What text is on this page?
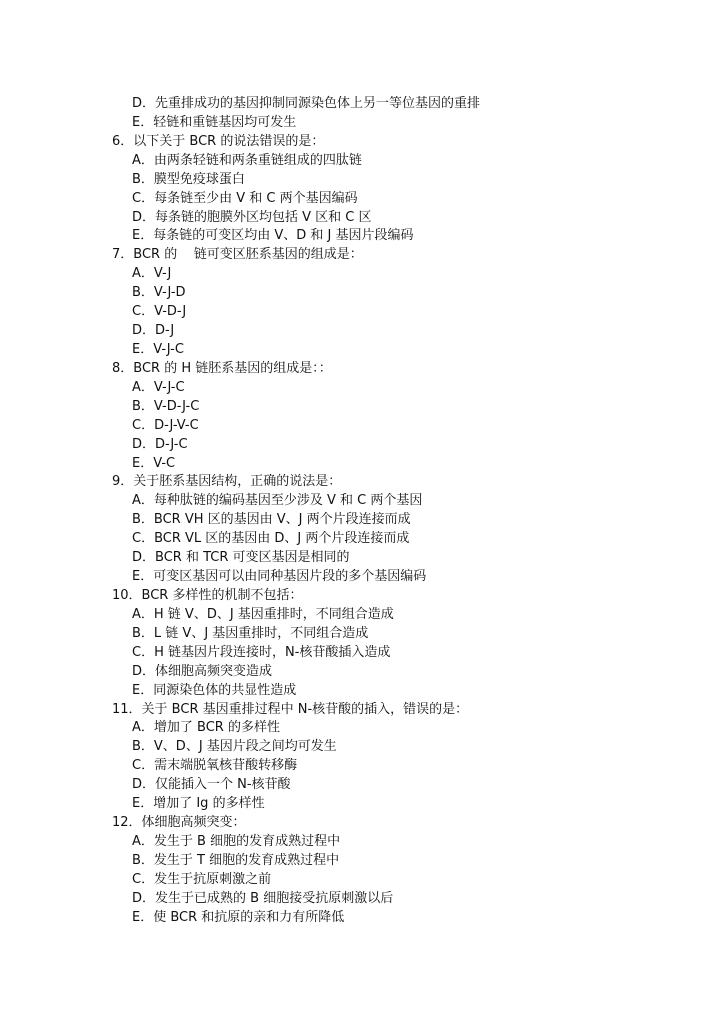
D．先重排成功的基因抑制同源染色体上另一等位基因的重排
E．轻链和重链基因均可发生
6．以下关于 BCR 的说法错误的是：
A．由两条轻链和两条重链组成的四肽链
B．膜型免疫球蛋白
C．每条链至少由 V 和 C 两个基因编码
D．每条链的胞膜外区均包括 V 区和 C 区
E．每条链的可变区均由 V、D 和 J 基因片段编码
7．BCR 的    链可变区胚系基因的组成是：
A．V-J
B．V-J-D
C．V-D-J
D．D-J
E．V-J-C
8．BCR 的 H 链胚系基因的组成是：：
A．V-J-C
B．V-D-J-C
C．D-J-V-C
D．D-J-C
E．V-C
9．关于胚系基因结构，正确的说法是：
A．每种肽链的编码基因至少涉及 V 和 C 两个基因
B．BCR VH 区的基因由 V、J 两个片段连接而成
C．BCR VL 区的基因由 D、J 两个片段连接而成
D．BCR 和 TCR 可变区基因是相同的
E．可变区基因可以由同种基因片段的多个基因编码
10．BCR 多样性的机制不包括：
A．H 链 V、D、J 基因重排时，不同组合造成
B．L 链 V、J 基因重排时，不同组合造成
C．H 链基因片段连接时，N-核苷酸插入造成
D．体细胞高频突变造成
E．同源染色体的共显性造成
11．关于 BCR 基因重排过程中 N-核苷酸的插入，错误的是：
A．增加了 BCR 的多样性
B．V、D、J 基因片段之间均可发生
C．需末端脱氧核苷酸转移酶
D．仅能插入一个 N-核苷酸
E．增加了 Ig 的多样性
12．体细胞高频突变：
A．发生于 B 细胞的发育成熟过程中
B．发生于 T 细胞的发育成熟过程中
C．发生于抗原刺激之前
D．发生于已成熟的 B 细胞接受抗原刺激以后
E．使 BCR 和抗原的亲和力有所降低
